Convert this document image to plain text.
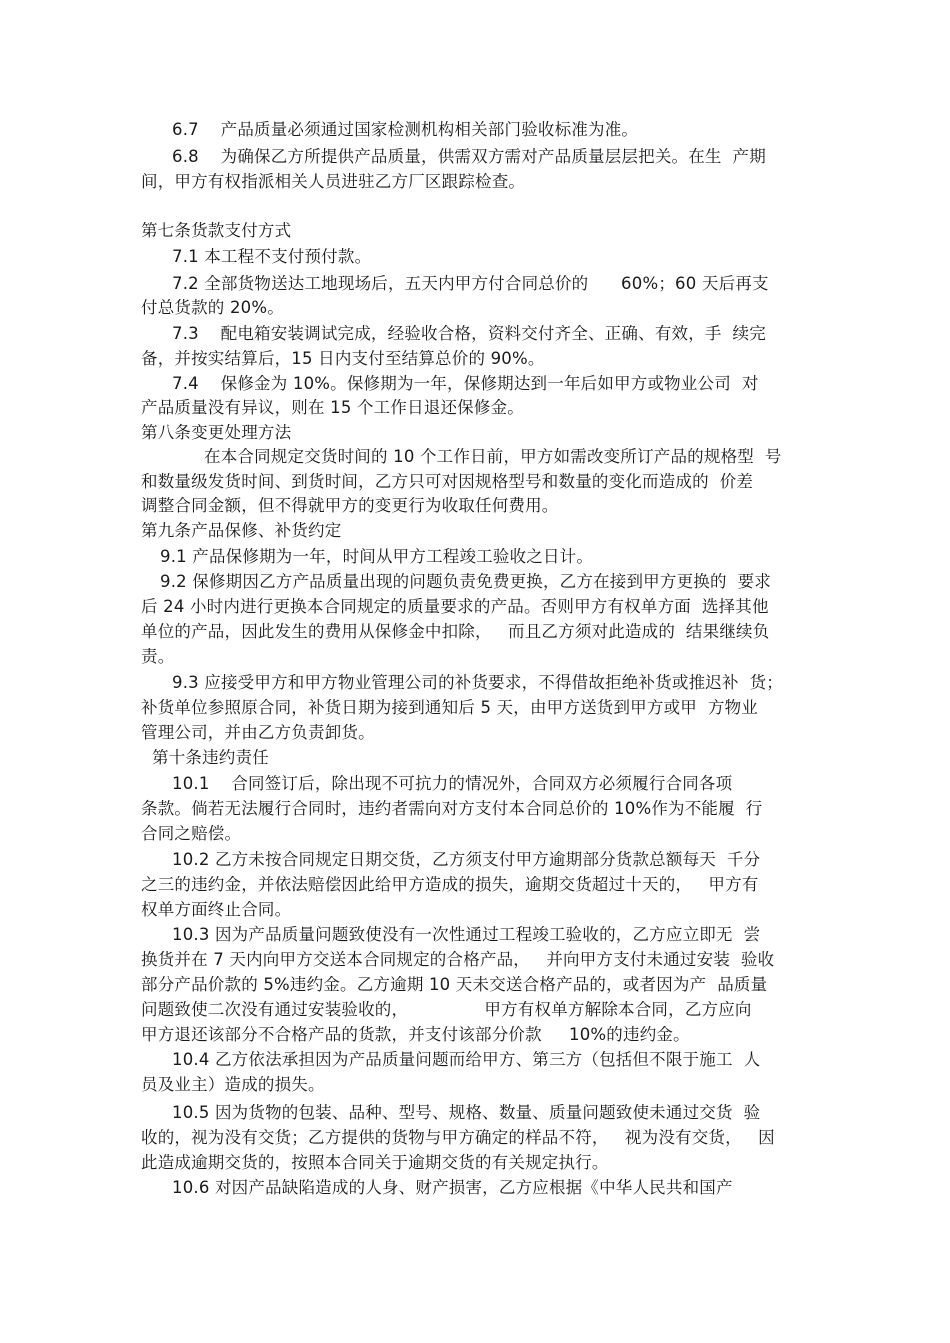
6.7    产品质量必须通过国家检测机构相关部门验收标准为准。
6.8    为确保乙方所提供产品质量，供需双方需对产品质量层层把关。在生  产期
间，甲方有权指派相关人员进驻乙方厂区跟踪检查。
第七条货款支付方式
7.1 本工程不支付预付款。
7.2 全部货物送达工地现场后，五天内甲方付合同总价的      60%；60 天后再支
付总货款的 20%。
7.3    配电箱安装调试完成，经验收合格，资料交付齐全、正确、有效，手  续完
备，并按实结算后，15 日内支付至结算总价的 90%。
7.4    保修金为 10%。保修期为一年，保修期达到一年后如甲方或物业公司  对
产品质量没有异议，则在 15 个工作日退还保修金。
第八条变更处理方法
在本合同规定交货时间的 10 个工作日前，甲方如需改变所订产品的规格型  号
和数量级发货时间、到货时间，乙方只可对因规格型号和数量的变化而造成的  价差
调整合同金额，但不得就甲方的变更行为收取任何费用。
第九条产品保修、补货约定
9.1 产品保修期为一年，时间从甲方工程竣工验收之日计。
9.2 保修期因乙方产品质量出现的问题负责免费更换，乙方在接到甲方更换的  要求
后 24 小时内进行更换本合同规定的质量要求的产品。否则甲方有权单方面  选择其他
单位的产品，因此发生的费用从保修金中扣除，   而且乙方须对此造成的  结果继续负
责。
9.3 应接受甲方和甲方物业管理公司的补货要求，不得借故拒绝补货或推迟补  货；
补货单位参照原合同，补货日期为接到通知后 5 天，由甲方送货到甲方或甲  方物业
管理公司，并由乙方负责卸货。
第十条违约责任
10.1    合同签订后，除出现不可抗力的情况外，合同双方必须履行合同各项
条款。倘若无法履行合同时，违约者需向对方支付本合同总价的 10%作为不能履  行
合同之赔偿。
10.2 乙方未按合同规定日期交货，乙方须支付甲方逾期部分货款总额每天  千分
之三的违约金，并依法赔偿因此给甲方造成的损失，逾期交货超过十天的，   甲方有
权单方面终止合同。
10.3 因为产品质量问题致使没有一次性通过工程竣工验收的，乙方应立即无  尝
换货并在 7 天内向甲方交送本合同规定的合格产品，   并向甲方支付未通过安装  验收
部分产品价款的 5%违约金。乙方逾期 10 天未交送合格产品的，或者因为产  品质量
问题致使二次没有通过安装验收的，              甲方有权单方解除本合同，乙方应向
甲方退还该部分不合格产品的货款，并支付该部分价款     10%的违约金。
10.4 乙方依法承担因为产品质量问题而给甲方、第三方（包括但不限于施工  人
员及业主）造成的损失。
10.5 因为货物的包装、品种、型号、规格、数量、质量问题致使未通过交货  验
收的，视为没有交货；乙方提供的货物与甲方确定的样品不符，   视为没有交货，   因
此造成逾期交货的，按照本合同关于逾期交货的有关规定执行。
10.6 对因产品缺陷造成的人身、财产损害，乙方应根据《中华人民共和国产
